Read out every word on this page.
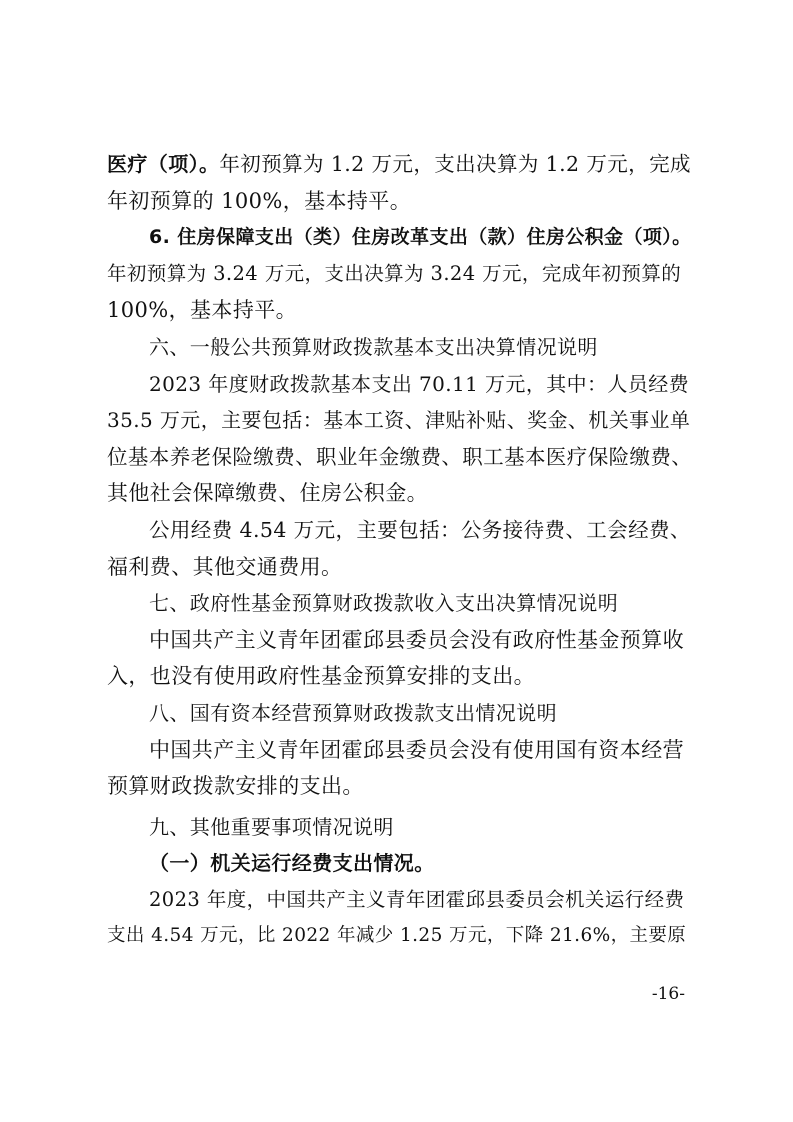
医疗（项）。年初预算为 1.2 万元，支出决算为 1.2 万元，完成
年初预算的 100%，基本持平。
6. 住房保障支出（类）住房改革支出（款）住房公积金（项）。
年初预算为 3.24 万元，支出决算为 3.24 万元，完成年初预算的
100%，基本持平。
六、一般公共预算财政拨款基本支出决算情况说明
2023 年度财政拨款基本支出 70.11 万元，其中：人员经费
35.5 万元，主要包括：基本工资、津贴补贴、奖金、机关事业单
位基本养老保险缴费、职业年金缴费、职工基本医疗保险缴费、
其他社会保障缴费、住房公积金。
公用经费 4.54 万元，主要包括：公务接待费、工会经费、
福利费、其他交通费用。
七、政府性基金预算财政拨款收入支出决算情况说明
中国共产主义青年团霍邱县委员会没有政府性基金预算收
入，也没有使用政府性基金预算安排的支出。
八、国有资本经营预算财政拨款支出情况说明
中国共产主义青年团霍邱县委员会没有使用国有资本经营
预算财政拨款安排的支出。
九、其他重要事项情况说明
（一）机关运行经费支出情况。
2023 年度，中国共产主义青年团霍邱县委员会机关运行经费
支出 4.54 万元，比 2022 年减少 1.25 万元，下降 21.6%，主要原
-16-
